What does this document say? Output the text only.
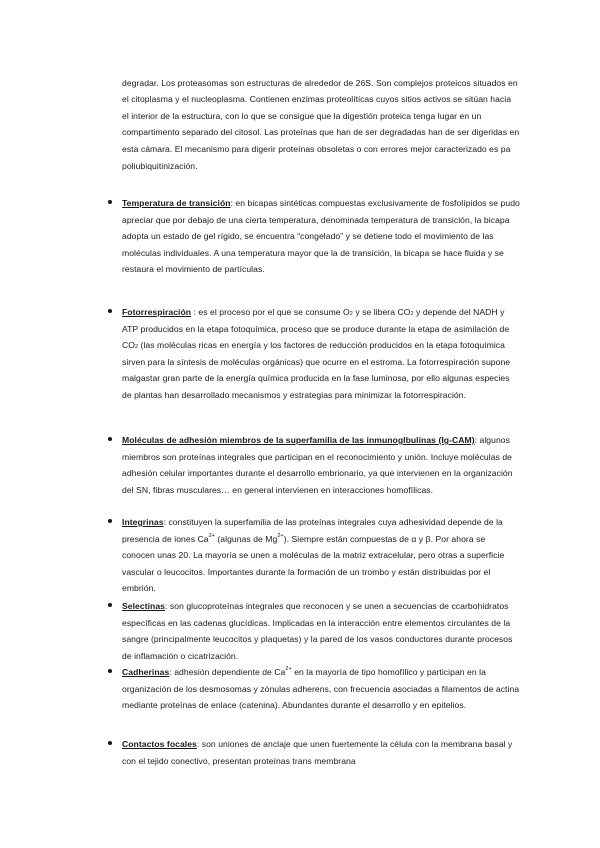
degradar. Los proteasomas son estructuras de alrededor de 26S. Son complejos proteicos situados en el citoplasma y el nucleoplasma. Contienen enzimas proteolíticas cuyos sitios activos se sitúan hacia el interior de la estructura, con lo que se consigue que la digestión proteica tenga lugar en un compartimento separado del citosol. Las proteínas que han de ser degradadas han de ser digeridas en esta cámara. El mecanismo para digerir proteínas obsoletas o con errores mejor caracterizado es pa poliubiquitinización.

Temperatura de transición: en bicapas sintéticas compuestas exclusivamente de fosfolípidos se pudo apreciar que por debajo de una cierta temperatura, denominada temperatura de transición, la bicapa adopta un estado de gel rígido, se encuentra “congelado” y se detiene todo el movimiento de las moléculas individuales. A una temperatura mayor que la de transición, la bicapa se hace fluida y se restaura el movimiento de partículas.

Fotorrespiración : es el proceso por el que se consume O2 y se libera CO2 y depende del NADH y ATP producidos en la etapa fotoquímica, proceso que se produce durante la etapa de asimilación de CO2 (las moléculas ricas en energía y los factores de reducción producidos en la etapa fotoquímica sirven para la síntesis de moléculas orgánicas) que ocurre en el estroma. La fotorrespiración supone malgastar gran parte de la energía química producida en la fase luminosa, por ello algunas especies de plantas han desarrollado mecanismos y estrategias para minimizar la fotorrespiración.

Moléculas de adhesión miembros de la superfamilia de las inmunoglbulinas (Ig-CAM): algunos miembros son proteínas integrales que participan en el reconocimiento y unión. Incluye moléculas de adhesión celular importantes durante el desarrollo embrionario, ya que intervienen en la organización del SN, fibras musculares… en general intervienen en interacciones homofílicas.

Integrinas: constituyen la superfamilia de las proteínas integrales cuya adhesividad depende de la presencia de iones $Ca^{2+}$ (algunas de $Mg^{2+}$). Siempre están compuestas de α y β. Por ahora se conocen unas 20. La mayoría se unen a moléculas de la matriz extracelular, pero otras a superficie vascular o leucocitos. Importantes durante la formación de un trombo y están distribuidas por el embrión.

Selectinas: son glucoproteínas integrales que reconocen y se unen a secuencias de ccarbohidratos específicas en las cadenas glucídicas. Implicadas en la interacción entre elementos circulantes de la sangre (principalmente leucocitos y plaquetas) y la pared de los vasos conductores durante procesos de inflamación o cicatrización.

Cadherinas: adhesión dependiente de $Ca^{2+}$ en la mayoría de tipo homofílico y participan en la organización de los desmosomas y zónulas adherens, con frecuencia asociadas a filamentos de actina mediante proteínas de enlace (catenina). Abundantes durante el desarrollo y en epitelios.

Contactos focales: son uniones de anclaje que unen fuertemente la célula con la membrana basal y con el tejido conectivo, presentan proteínas trans membrana
